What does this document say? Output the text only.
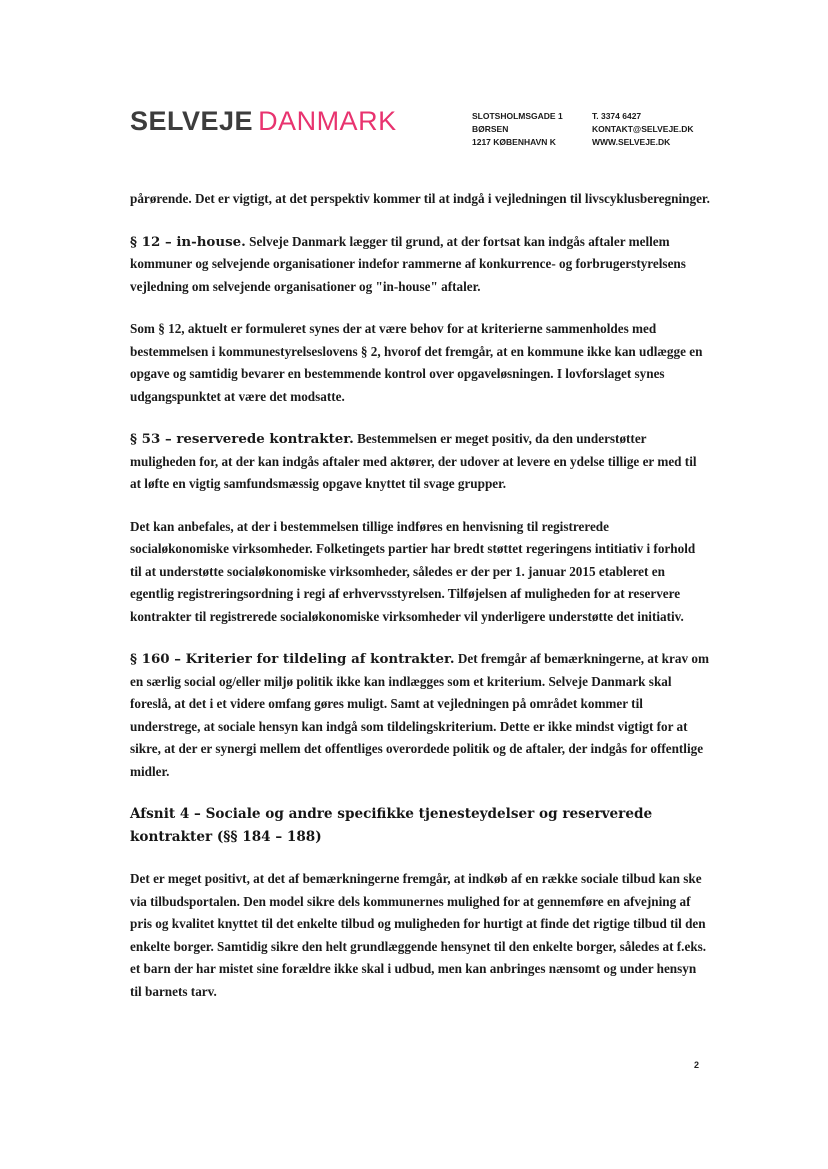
SELVEJE DANMARK	SLOTSHOLMSGADE 1
BØRSEN
1217 KØBENHAVN K
T. 3374 6427
KONTAKT@SELVEJE.DK
WWW.SELVEJE.DK

pårørende. Det er vigtigt, at det perspektiv kommer til at indgå i vejledningen til livscyklusberegninger.

§ 12 – in-house. Selveje Danmark lægger til grund, at der fortsat kan indgås aftaler mellem kommuner og selvejende organisationer indefor rammerne af konkurrence- og forbrugerstyrelsens vejledning om selvejende organisationer og "in-house" aftaler.

Som § 12, aktuelt er formuleret synes der at være behov for at kriterierne sammenholdes med bestemmelsen i kommunestyrelseslovens § 2, hvorof det fremgår, at en kommune ikke kan udlægge en opgave og samtidig bevarer en bestemmende kontrol over opgaveløsningen. I lovforslaget synes udgangspunktet at være det modsatte.

§ 53 – reserverede kontrakter. Bestemmelsen er meget positiv, da den understøtter muligheden for, at der kan indgås aftaler med aktører, der udover at levere en ydelse tillige er med til at løfte en vigtig samfundsmæssig opgave knyttet til svage grupper.

Det kan anbefales, at der i bestemmelsen tillige indføres en henvisning til registrerede socialøkonomiske virksomheder. Folketingets partier har bredt støttet regeringens intitiativ i forhold til at understøtte socialøkonomiske virksomheder, således er der per 1. januar 2015 etableret en egentlig registreringsordning i regi af erhvervsstyrelsen. Tilføjelsen af muligheden for at reservere kontrakter til registrerede socialøkonomiske virksomheder vil ynderligere understøtte det initiativ.

§ 160 – Kriterier for tildeling af kontrakter. Det fremgår af bemærkningerne, at krav om en særlig social og/eller miljø politik ikke kan indlægges som et kriterium. Selveje Danmark skal foreslå, at det i et videre omfang gøres muligt. Samt at vejledningen på området kommer til understrege, at sociale hensyn kan indgå som tildelingskriterium. Dette er ikke mindst vigtigt for at sikre, at der er synergi mellem det offentliges overordede politik og de aftaler, der indgås for offentlige midler.

Afsnit 4 – Sociale og andre specifikke tjenesteydelser og reserverede kontrakter (§§ 184 – 188)

Det er meget positivt, at det af bemærkningerne fremgår, at indkøb af en række sociale tilbud kan ske via tilbudsportalen. Den model sikre dels kommunernes mulighed for at gennemføre en afvejning af pris og kvalitet knyttet til det enkelte tilbud og muligheden for hurtigt at finde det rigtige tilbud til den enkelte borger. Samtidig sikre den helt grundlæggende hensynet til den enkelte borger, således at f.eks. et barn der har mistet sine forældre ikke skal i udbud, men kan anbringes nænsomt og under hensyn til barnets tarv.

2
